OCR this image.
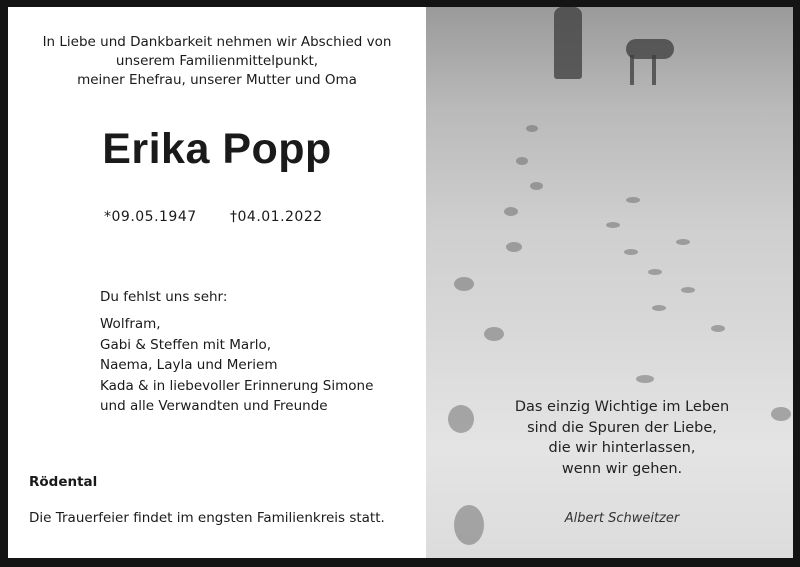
In Liebe und Dankbarkeit nehmen wir Abschied von
unserem Familienmittelpunkt,
meiner Ehefrau, unserer Mutter und Oma
Erika Popp
*09.05.1947 †04.01.2022
Du fehlst uns sehr:
Wolfram,
Gabi & Steffen mit Marlo,
Naema, Layla und Meriem
Kada & in liebevoller Erinnerung Simone
und alle Verwandten und Freunde
Rödental
Die Trauerfeier findet im engsten Familienkreis statt.
Das einzig Wichtige im Leben
sind die Spuren der Liebe,
die wir hinterlassen,
wenn wir gehen.
Albert Schweitzer
